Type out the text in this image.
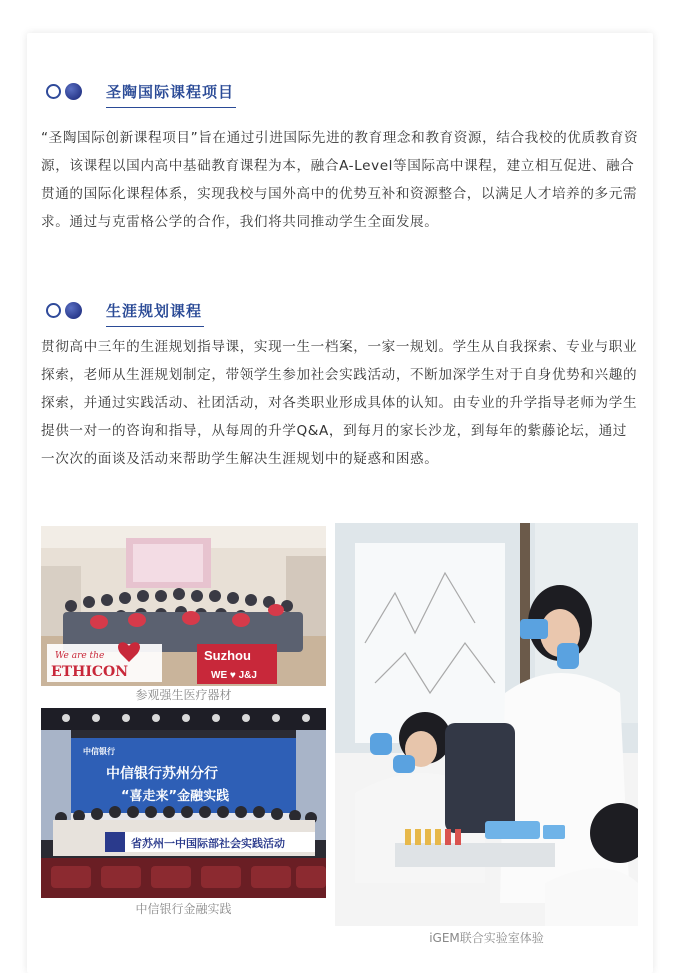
圣陶国际课程项目

“圣陶国际创新课程项目”旨在通过引进国际先进的教育理念和教育资源，结合我校的优质教育资源，该课程以国内高中基础教育课程为本，融合A-Level等国际高中课程，建立相互促进、融合贯通的国际化课程体系，实现我校与国外高中的优势互补和资源整合，以满足人才培养的多元需求。通过与克雷格公学的合作，我们将共同推动学生全面发展。

生涯规划课程

贯彻高中三年的生涯规划指导课，实现一生一档案，一家一规划。学生从自我探索、专业与职业探索，老师从生涯规划制定，带领学生参加社会实践活动，不断加深学生对于自身优势和兴趣的探索，并通过实践活动、社团活动，对各类职业形成具体的认知。由专业的升学指导老师为学生提供一对一的咨询和指导，从每周的升学Q&A，到每月的家长沙龙，到每年的紫藤论坛，通过一次次的面谈及活动来帮助学生解决生涯规划中的疑惑和困惑。

We are the
ETHICON
Suzhou
WE ♥ J&J
参观强生医疗器材
中信银行
中信银行苏州分行
“喜走来”金融实践
省苏州一中国际部社会实践活动
中信银行金融实践
iGEM联合实验室体验
